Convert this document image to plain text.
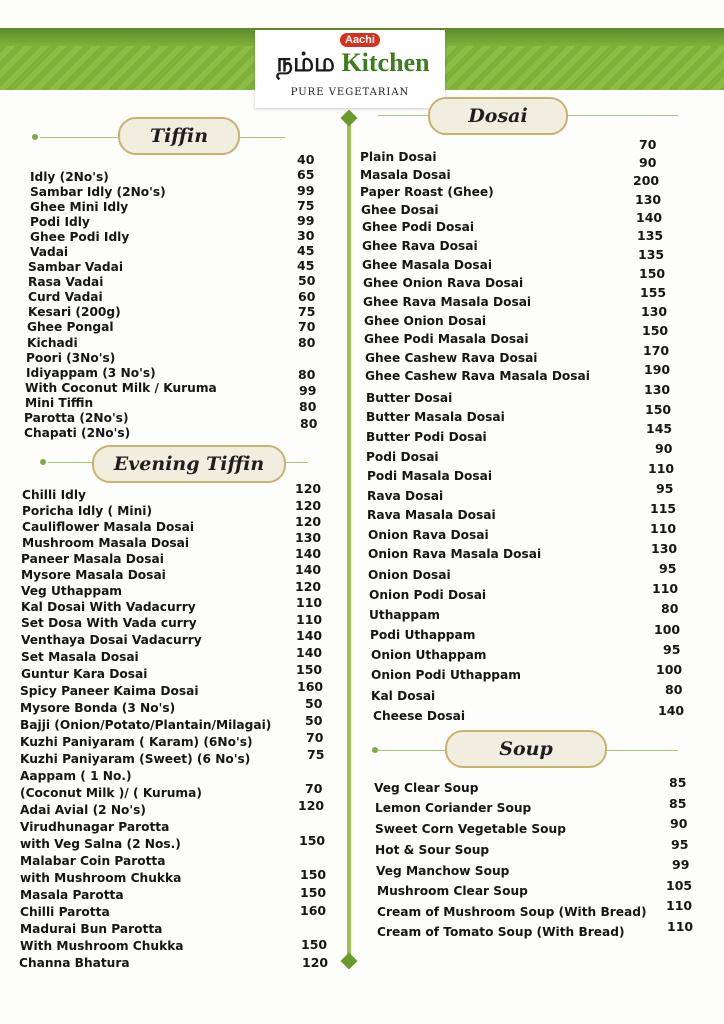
Aachi
நம்ம Kitchen
PURE VEGETARIAN
Tiffin
Evening Tiffin
Dosai
Soup
Idly (2No's)
Sambar Idly (2No's)
Ghee Mini Idly
Podi Idly
Ghee Podi Idly
Vadai
Sambar Vadai
Rasa Vadai
Curd Vadai
Kesari (200g)
Ghee Pongal
Kichadi
Poori (3No's)
Idiyappam (3 No's)
With Coconut Milk / Kuruma
Mini Tiffin
Parotta (2No's)
Chapati (2No's)
40
65
99
75
99
30
45
45
50
60
75
70
80
80
99
80
80
Chilli Idly
Poricha Idly ( Mini)
Cauliflower Masala Dosai
Mushroom Masala Dosai
Paneer Masala Dosai
Mysore Masala Dosai
Veg Uthappam
Kal Dosai With Vadacurry
Set Dosa With Vada curry
Venthaya Dosai Vadacurry
Set Masala Dosai
Guntur Kara Dosai
Spicy Paneer Kaima Dosai
Mysore Bonda (3 No's)
Bajji (Onion/Potato/Plantain/Milagai)
Kuzhi Paniyaram ( Karam) (6No's)
Kuzhi Paniyaram (Sweet) (6 No's)
Aappam ( 1 No.)
(Coconut Milk )/ ( Kuruma)
Adai Avial (2 No's)
Virudhunagar Parotta
with Veg Salna (2 Nos.)
Malabar Coin Parotta
with Mushroom Chukka
Masala Parotta
Chilli Parotta
Madurai Bun Parotta
With Mushroom Chukka
Channa Bhatura
120
120
120
130
140
140
120
110
110
140
140
150
160
50
50
70
75
70
120
150
150
150
160
150
120
Plain Dosai
Masala Dosai
Paper Roast (Ghee)
Ghee Dosai
Ghee Podi Dosai
Ghee Rava Dosai
Ghee Masala Dosai
Ghee Onion Rava Dosai
Ghee Rava Masala Dosai
Ghee Onion Dosai
Ghee Podi Masala Dosai
Ghee Cashew Rava Dosai
Ghee Cashew Rava Masala Dosai
Butter Dosai
Butter Masala Dosai
Butter Podi Dosai
Podi Dosai
Podi Masala Dosai
Rava Dosai
Rava Masala Dosai
Onion Rava Dosai
Onion Rava Masala Dosai
Onion Dosai
Onion Podi Dosai
Uthappam
Podi Uthappam
Onion Uthappam
Onion Podi Uthappam
Kal Dosai
Cheese Dosai
70
90
200
130
140
135
135
150
155
130
150
170
190
130
150
145
90
110
95
115
110
130
95
110
80
100
95
100
80
140
Veg Clear Soup
Lemon Coriander Soup
Sweet Corn Vegetable Soup
Hot & Sour Soup
Veg Manchow Soup
Mushroom Clear Soup
Cream of Mushroom Soup (With Bread)
Cream of Tomato Soup (With Bread)
85
85
90
95
99
105
110
110
